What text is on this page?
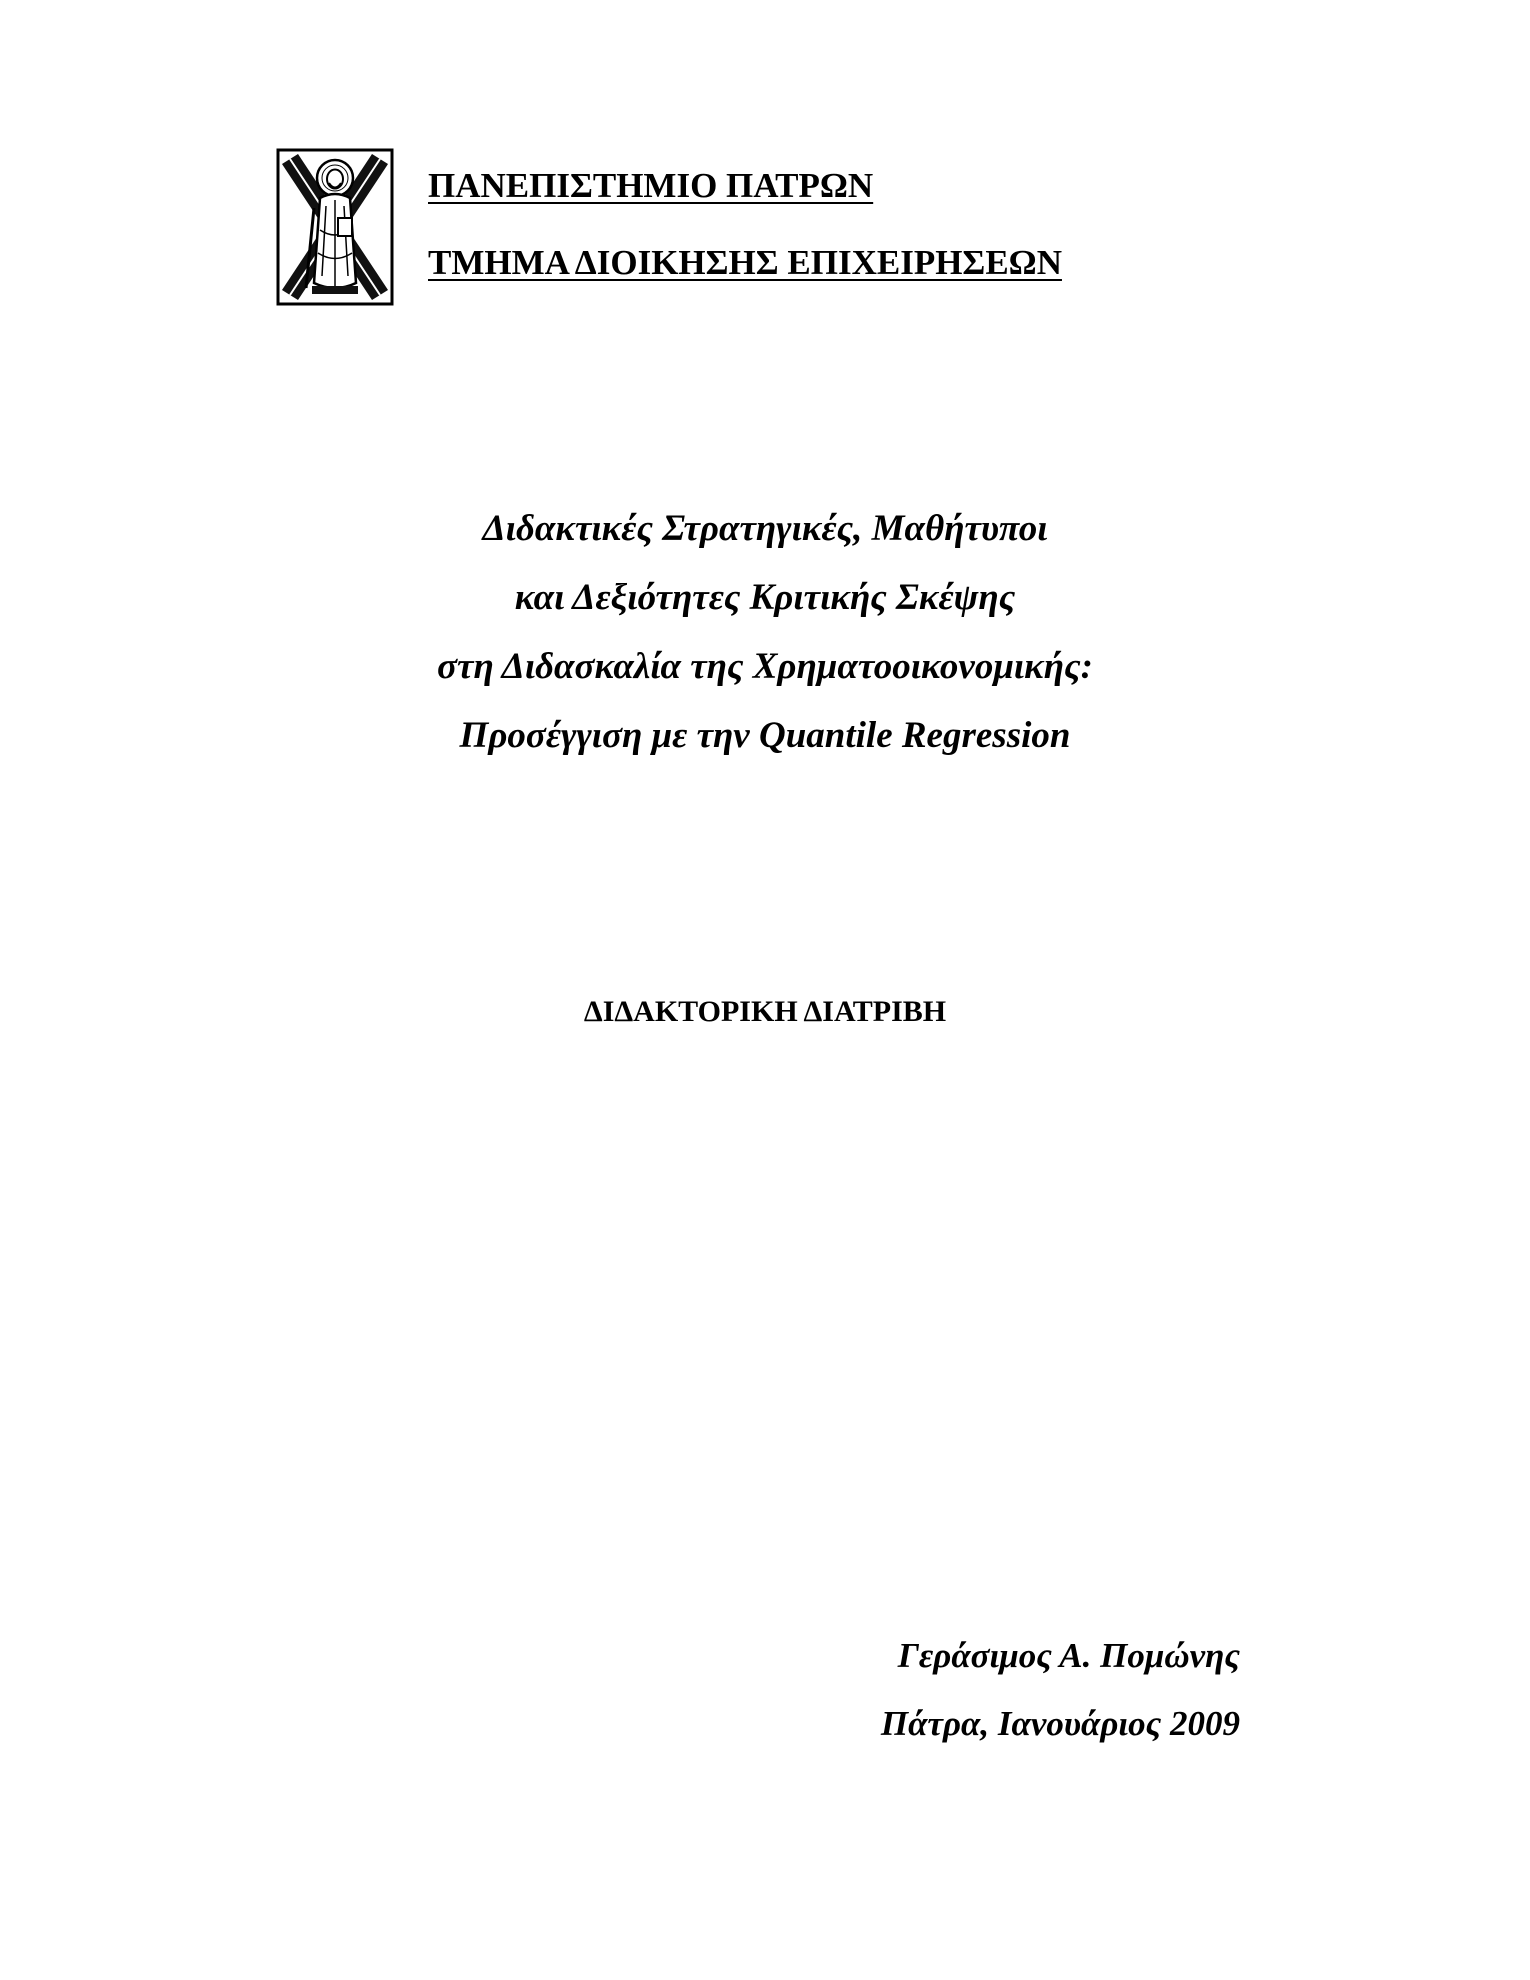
ΠΑΝΕΠΙΣΤΗΜΙΟ ΠΑΤΡΩΝ
ΤΜΗΜΑ ΔΙΟΙΚΗΣΗΣ ΕΠΙΧΕΙΡΗΣΕΩΝ
Διδακτικές Στρατηγικές, Μαθήτυποι
και Δεξιότητες Κριτικής Σκέψης
στη Διδασκαλία της Χρηματοοικονομικής:
Προσέγγιση με την Quantile Regression
ΔΙΔΑΚΤΟΡΙΚΗ ΔΙΑΤΡΙΒΗ
Γεράσιμος Α. Πομώνης
Πάτρα, Ιανουάριος 2009
